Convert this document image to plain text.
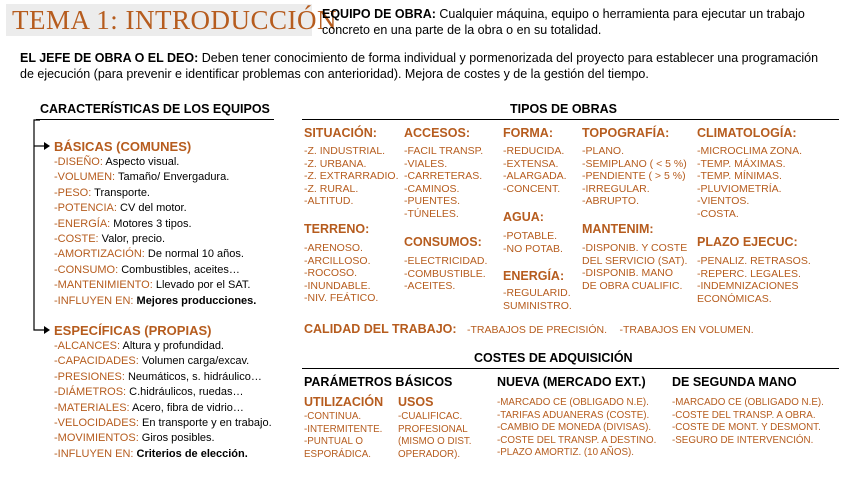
TEMA 1: INTRODUCCIÓN
EQUIPO DE OBRA: Cualquier máquina, equipo o herramienta para ejecutar un trabajo concreto en una parte de la obra o en su totalidad.
EL JEFE DE OBRA O EL DEO: Deben tener conocimiento de forma individual y pormenorizada del proyecto para establecer una programación de ejecución (para prevenir e identificar problemas con anterioridad). Mejora de costes y de la gestión del tiempo.
CARACTERÍSTICAS DE LOS EQUIPOS
BÁSICAS (COMUNES)
-DISEÑO: Aspecto visual.
-VOLUMEN: Tamaño/ Envergadura.
-PESO: Transporte.
-POTENCIA: CV del motor.
-ENERGÍA: Motores 3 tipos.
-COSTE: Valor, precio.
-AMORTIZACIÓN: De normal 10 años.
-CONSUMO: Combustibles, aceites…
-MANTENIMIENTO: Llevado por el SAT.
-INFLUYEN EN: Mejores producciones.
ESPECÍFICAS (PROPIAS)
-ALCANCES: Altura y profundidad.
-CAPACIDADES: Volumen carga/excav.
-PRESIONES: Neumáticos, s. hidráulico…
-DIÁMETROS: C.hidráulicos, ruedas…
-MATERIALES: Acero, fibra de vidrio…
-VELOCIDADES: En transporte y en trabajo.
-MOVIMIENTOS: Giros posibles.
-INFLUYEN EN: Criterios de elección.
TIPOS DE OBRAS
SITUACIÓN:
-Z. INDUSTRIAL.
-Z. URBANA.
-Z. EXTRARRADIO.
-Z. RURAL.
-ALTITUD.
TERRENO:
-ARENOSO.
-ARCILLOSO.
-ROCOSO.
-INUNDABLE.
-NIV. FEÁTICO.
ACCESOS:
-FACIL TRANSP.
-VIALES.
-CARRETERAS.
-CAMINOS.
-PUENTES.
-TÚNELES.
CONSUMOS:
-ELECTRICIDAD.
-COMBUSTIBLE.
-ACEITES.
FORMA:
-REDUCIDA.
-EXTENSA.
-ALARGADA.
-CONCENT.
AGUA:
-POTABLE.
-NO POTAB.
ENERGÍA:
-REGULARID.
SUMINISTRO.
TOPOGRAFÍA:
-PLANO.
-SEMIPLANO ( < 5 %)
-PENDIENTE ( > 5 %)
-IRREGULAR.
-ABRUPTO.
MANTENIM:
-DISPONIB. Y COSTE
DEL SERVICIO (SAT).
-DISPONIB. MANO
DE OBRA CUALIFIC.
CLIMATOLOGÍA:
-MICROCLIMA ZONA.
-TEMP. MÁXIMAS.
-TEMP. MÍNIMAS.
-PLUVIOMETRÍA.
-VIENTOS.
-COSTA.
PLAZO EJECUC:
-PENALIZ. RETRASOS.
-REPERC. LEGALES.
-INDEMNIZACIONES
ECONÓMICAS.
CALIDAD DEL TRABAJO: -TRABAJOS DE PRECISIÓN. -TRABAJOS EN VOLUMEN.
COSTES DE ADQUISICIÓN
PARÁMETROS BÁSICOS
UTILIZACIÓN
-CONTINUA.
-INTERMITENTE.
-PUNTUAL O
ESPORÁDICA.
USOS
-CUALIFICAC.
PROFESIONAL
(MISMO O DIST.
OPERADOR).
NUEVA (MERCADO EXT.)
-MARCADO CE (OBLIGADO N.E).
-TARIFAS ADUANERAS (COSTE).
-CAMBIO DE MONEDA (DIVISAS).
-COSTE DEL TRANSP. A DESTINO.
-PLAZO AMORTIZ. (10 AÑOS).
DE SEGUNDA MANO
-MARCADO CE (OBLIGADO N.E).
-COSTE DEL TRANSP. A OBRA.
-COSTE DE MONT. Y DESMONT.
-SEGURO DE INTERVENCIÓN.
